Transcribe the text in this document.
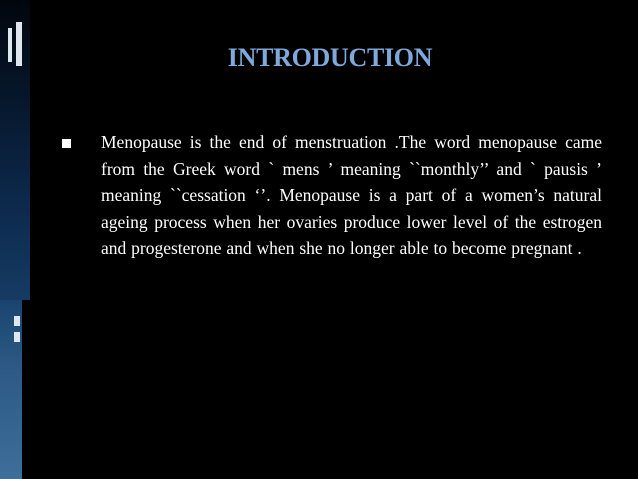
INTRODUCTION
Menopause is the end of menstruation .The word menopause came from the Greek word ` mens ’ meaning ``monthly’’ and ` pausis ’ meaning ``cessation ‘’. Menopause is a part of a women’s natural ageing process when her ovaries produce lower level of the estrogen and progesterone and when she no longer able to become pregnant .
